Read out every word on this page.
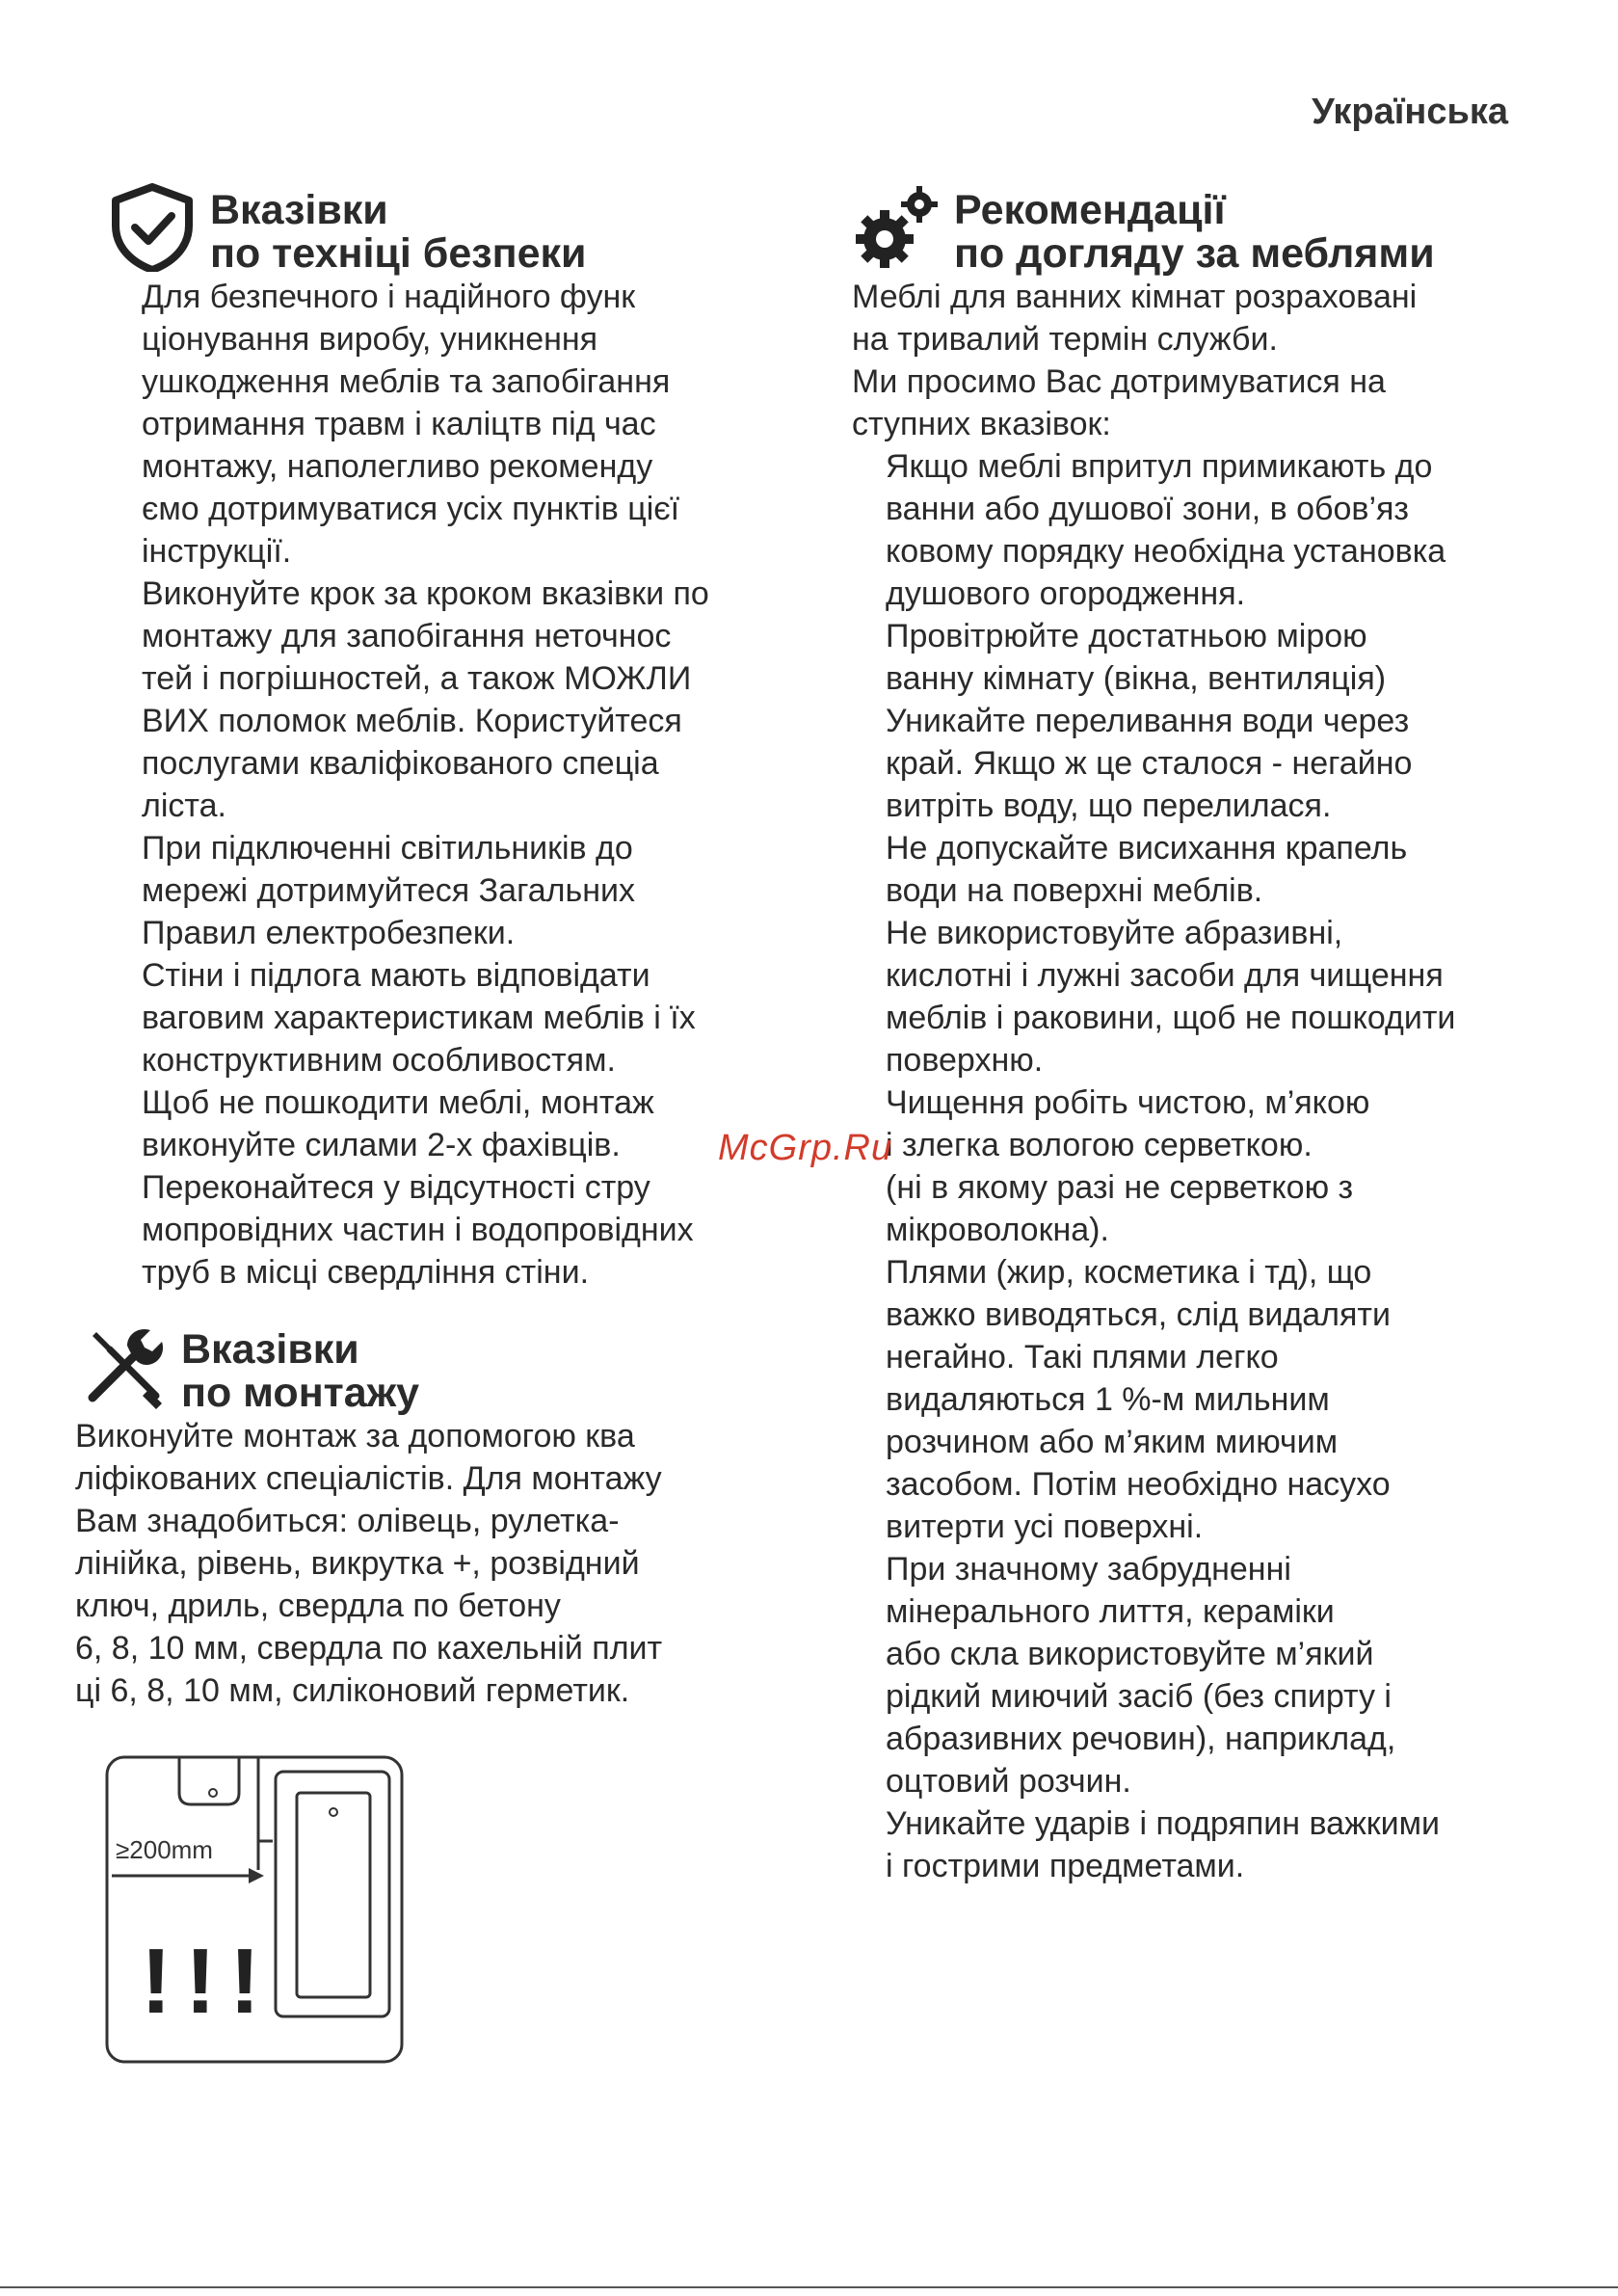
Українська
Вказівки
по техніці безпеки

Для безпечного і надійного функ

ціонування виробу, уникнення

ушкодження меблів та запобігання

отримання травм і каліцтв під час

монтажу, наполегливо рекоменду

ємо дотримуватися усіх пунктів цієї

інструкції.

Виконуйте крок за кроком вказівки по

монтажу для запобігання неточнос

тей і погрішностей, а також МОЖЛИ

ВИХ поломок меблів. Користуйтеся

послугами кваліфікованого спеціа

ліста.

При підключенні світильників до

мережі дотримуйтеся Загальних

Правил електробезпеки.

Стіни і підлога мають відповідати

ваговим характеристикам меблів і їх

конструктивним особливостям.

Щоб не пошкодити меблі, монтаж

виконуйте силами 2-х фахівців.

Переконайтеся у відсутності стру

мопровідних частин і водопровідних

труб в місці свердління стіни.

Вказівки
по монтажу

Виконуйте монтаж за допомогою ква

ліфікованих спеціалістів. Для монтажу

Вам знадобиться: олівець, рулетка-

лінійка, рівень, викрутка +, розвідний

ключ, дриль, свердла по бетону

6, 8, 10 мм, свердла по кахельній плит

ці 6, 8, 10 мм, силіконовий герметик.

Рекомендації
по догляду за меблями

Меблі для ванних кімнат розраховані

на тривалий термін служби.

Ми просимо Вас дотримуватися на

ступних вказівок:

Якщо меблі впритул примикають до

ванни або душової зони, в обов’яз

ковому порядку необхідна установка

душового огородження.

Провітрюйте достатньою мірою

ванну кімнату (вікна, вентиляція)

Уникайте переливання води через

край. Якщо ж це сталося - негайно

витріть воду, що перелилася.

Не допускайте висихання крапель

води на поверхні меблів.

Не використовуйте абразивні,

кислотні і лужні засоби для чищення

меблів і раковини, щоб не пошкодити

поверхню.

Чищення робіть чистою, м’якою

і злегка вологою серветкою.

(ні в якому разі не серветкою з

мікроволокна).

Плями (жир, косметика і тд), що

важко виводяться, слід видаляти

негайно. Такі плями легко

видаляються 1 %-м мильним

розчином або м’яким миючим

засобом. Потім необхідно насухо

витерти усі поверхні.

При значному забрудненні

мінерального лиття, кераміки

або скла використовуйте м’який

рідкий миючий засіб (без спирту і

абразивних речовин), наприклад,

оцтовий розчин.

Уникайте ударів і подряпин важкими

і гострими предметами.

McGrp.Ru
≥200mm
!!!
